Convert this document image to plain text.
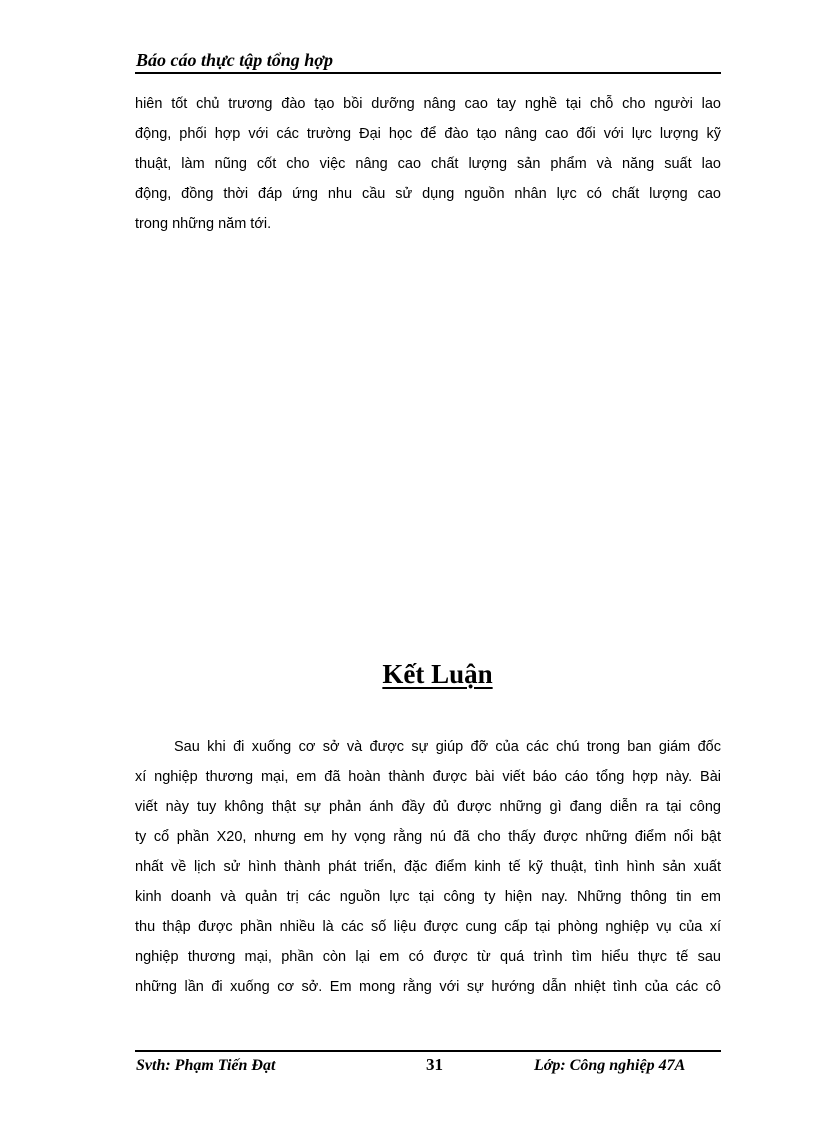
Báo cáo thực tập tổng hợp
hiên tốt chủ trương đào tạo bồi dưỡng nâng cao tay nghề tại chỗ cho người lao
động, phối hợp với các trường Đại học để đào tạo nâng cao đối với lực lượng kỹ
thuật, làm nũng cốt cho việc nâng cao chất lượng sản phẩm và năng suất lao
động, đồng thời đáp ứng nhu cầu sử dụng nguồn nhân lực có chất lượng cao
trong những năm tới.
Kết Luận
Sau khi đi xuống cơ sở và được sự giúp đỡ của các chú trong ban giám đốc
xí nghiệp thương mại, em đã hoàn thành được bài viết báo cáo tổng hợp này. Bài
viết này tuy không thật sự phản ánh đầy đủ được những gì đang diễn ra tại công
ty cổ phần X20, nhưng em hy vọng rằng nú đã cho thấy được những điểm nổi bật
nhất về lịch sử hình thành phát triển, đặc điểm kinh tế kỹ thuật, tình hình sản xuất
kinh doanh và quản trị các nguồn lực tại công ty hiện nay. Những thông tin em
thu thập được phần nhiều là các số liệu được cung cấp tại phòng nghiệp vụ của xí
nghiệp thương mại, phần còn lại em có được từ quá trình tìm hiểu thực tế sau
những lần đi xuống cơ sở. Em mong rằng với sự hướng dẫn nhiệt tình của các cô
Svth: Phạm Tiến Đạt	31	Lớp: Công nghiệp 47A
